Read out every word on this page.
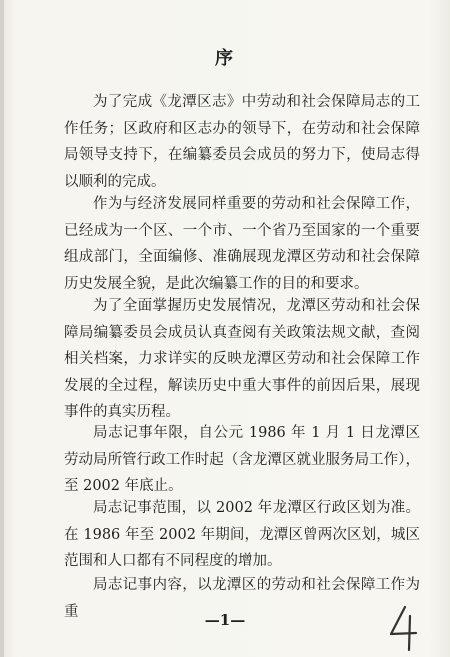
序

为了完成《龙潭区志》中劳动和社会保障局志的工作任务；区政府和区志办的领导下，在劳动和社会保障局领导支持下，在编纂委员会成员的努力下，使局志得以顺利的完成。

作为与经济发展同样重要的劳动和社会保障工作，已经成为一个区、一个市、一个省乃至国家的一个重要组成部门，全面编修、准确展现龙潭区劳动和社会保障历史发展全貌，是此次编纂工作的目的和要求。

为了全面掌握历史发展情况，龙潭区劳动和社会保障局编纂委员会成员认真查阅有关政策法规文献，查阅相关档案，力求详实的反映龙潭区劳动和社会保障工作发展的全过程，解读历史中重大事件的前因后果，展现事件的真实历程。

局志记事年限，自公元 1986 年 1 月 1 日龙潭区劳动局所管行政工作时起（含龙潭区就业服务局工作），至 2002 年底止。

局志记事范围，以 2002 年龙潭区行政区划为准。在 1986 年至 2002 年期间，龙潭区曾两次区划，城区范围和人口都有不同程度的增加。

局志记事内容，以龙潭区的劳动和社会保障工作为重	—1—
